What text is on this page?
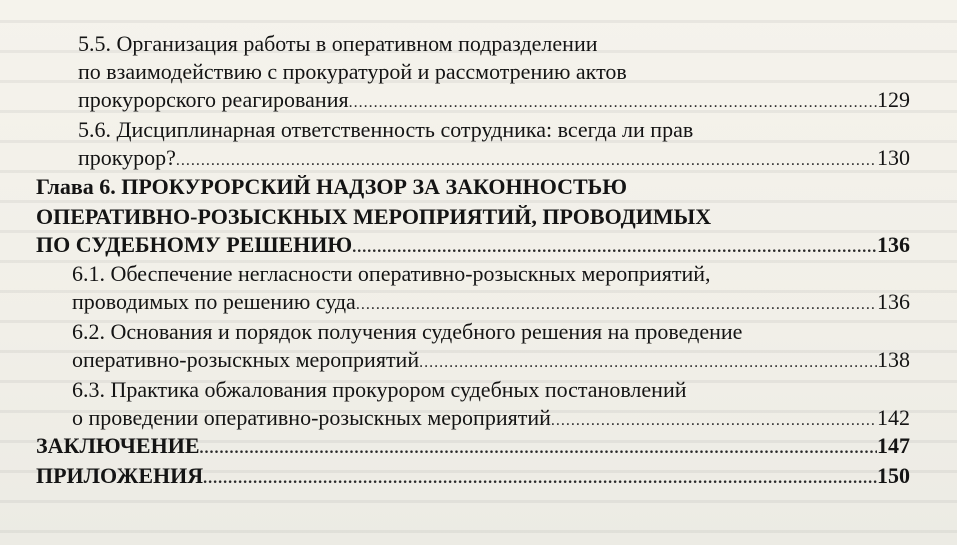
5.5. Организация работы в оперативном подразделении
по взаимодействию с прокуратурой и рассмотрению актов
прокурорского реагирования .....	129
5.6. Дисциплинарная ответственность сотрудника: всегда ли прав
прокурор? .....	130
Глава 6. ПРОКУРОРСКИЙ НАДЗОР ЗА ЗАКОННОСТЬЮ
ОПЕРАТИВНО-РОЗЫСКНЫХ МЕРОПРИЯТИЙ, ПРОВОДИМЫХ
ПО СУДЕБНОМУ РЕШЕНИЮ .....	136
6.1. Обеспечение негласности оперативно-розыскных мероприятий,
проводимых по решению суда .....	136
6.2. Основания и порядок получения судебного решения на проведение
оперативно-розыскных мероприятий .....	138
6.3. Практика обжалования прокурором судебных постановлений
о проведении оперативно-розыскных мероприятий .....	142
ЗАКЛЮЧЕНИЕ .....	147
ПРИЛОЖЕНИЯ .....	150
